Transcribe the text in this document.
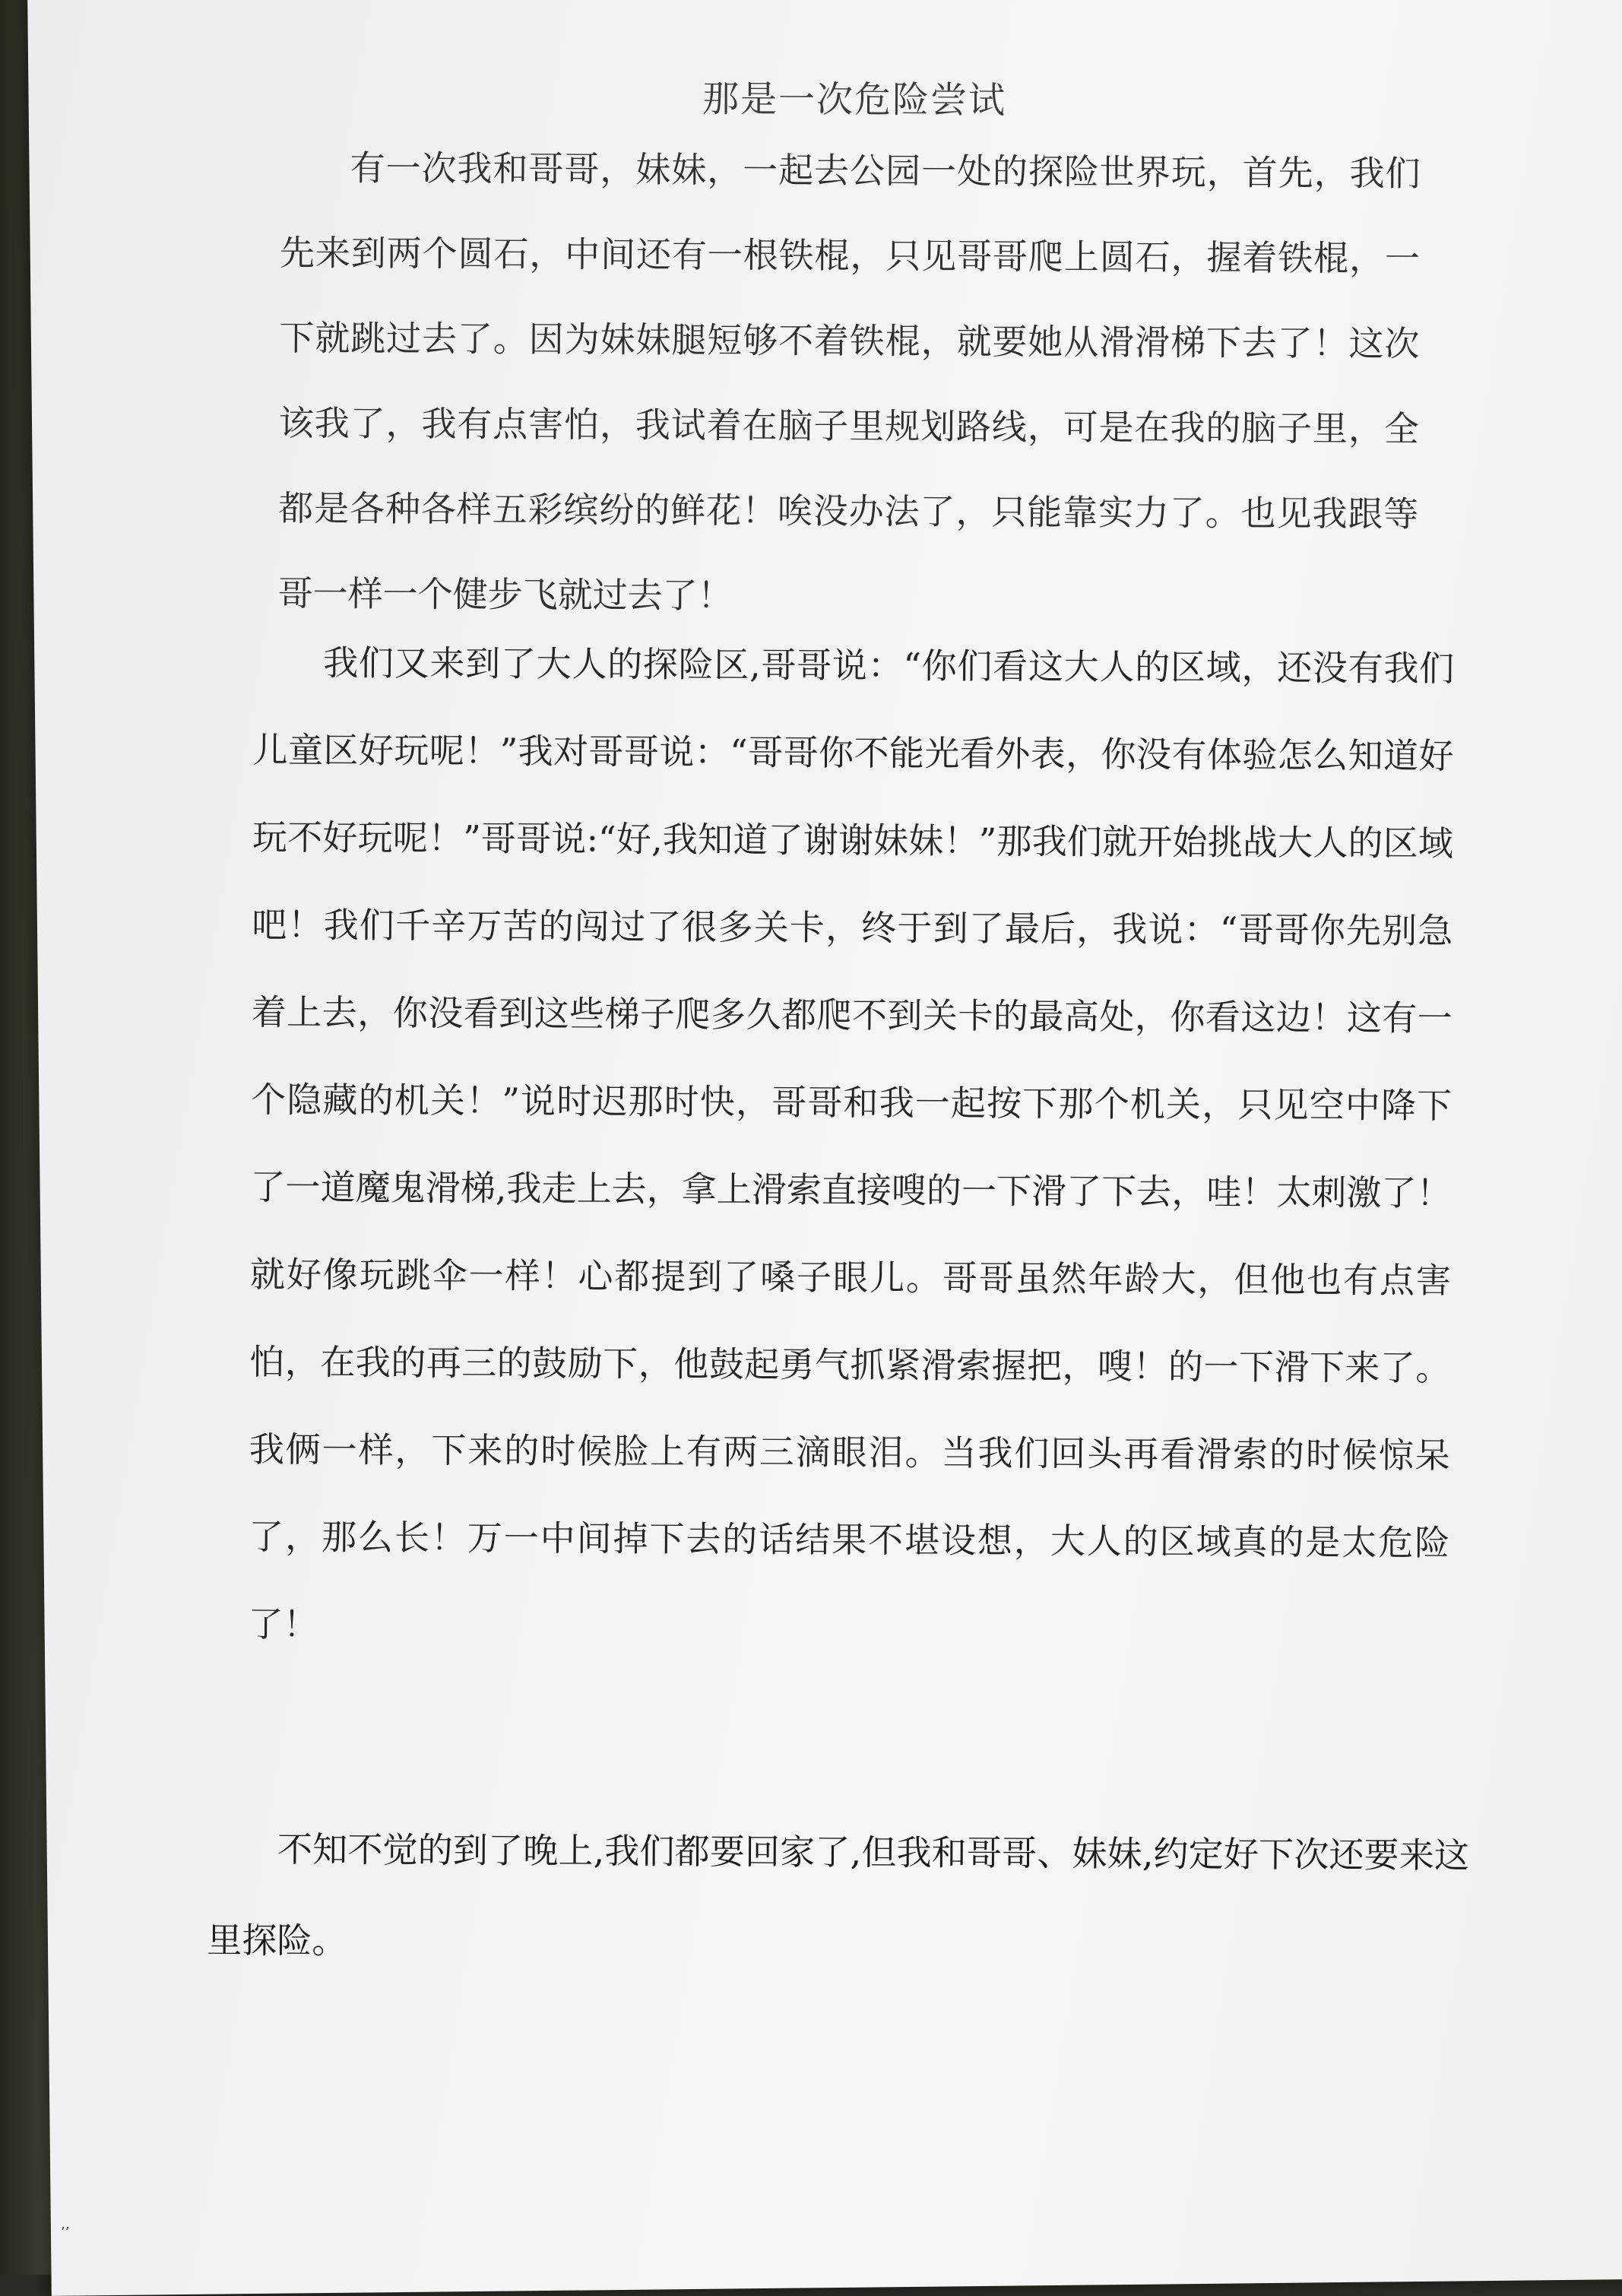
那是一次危险尝试

有一次我和哥哥，妹妹，一起去公园一处的探险世界玩，首先，我们先来到两个圆石，中间还有一根铁棍，只见哥哥爬上圆石，握着铁棍，一下就跳过去了。因为妹妹腿短够不着铁棍，就要她从滑滑梯下去了！这次该我了，我有点害怕，我试着在脑子里规划路线，可是在我的脑子里，全都是各种各样五彩缤纷的鲜花！唉没办法了，只能靠实力了。也见我跟等哥一样一个健步飞就过去了！

我们又来到了大人的探险区,哥哥说：“你们看这大人的区域，还没有我们儿童区好玩呢！”我对哥哥说：“哥哥你不能光看外表，你没有体验怎么知道好玩不好玩呢！”哥哥说:“好,我知道了谢谢妹妹！”那我们就开始挑战大人的区域吧！我们千辛万苦的闯过了很多关卡，终于到了最后，我说：“哥哥你先别急着上去，你没看到这些梯子爬多久都爬不到关卡的最高处，你看这边！这有一个隐藏的机关！”说时迟那时快，哥哥和我一起按下那个机关，只见空中降下了一道魔鬼滑梯,我走上去，拿上滑索直接嗖的一下滑了下去，哇！太刺激了！就好像玩跳伞一样！心都提到了嗓子眼儿。哥哥虽然年龄大，但他也有点害怕，在我的再三的鼓励下，他鼓起勇气抓紧滑索握把，嗖！的一下滑下来了。我俩一样，下来的时候脸上有两三滴眼泪。当我们回头再看滑索的时候惊呆了，那么长！万一中间掉下去的话结果不堪设想，大人的区域真的是太危险了！

不知不觉的到了晚上,我们都要回家了,但我和哥哥、妹妹,约定好下次还要来这里探险。

’’
